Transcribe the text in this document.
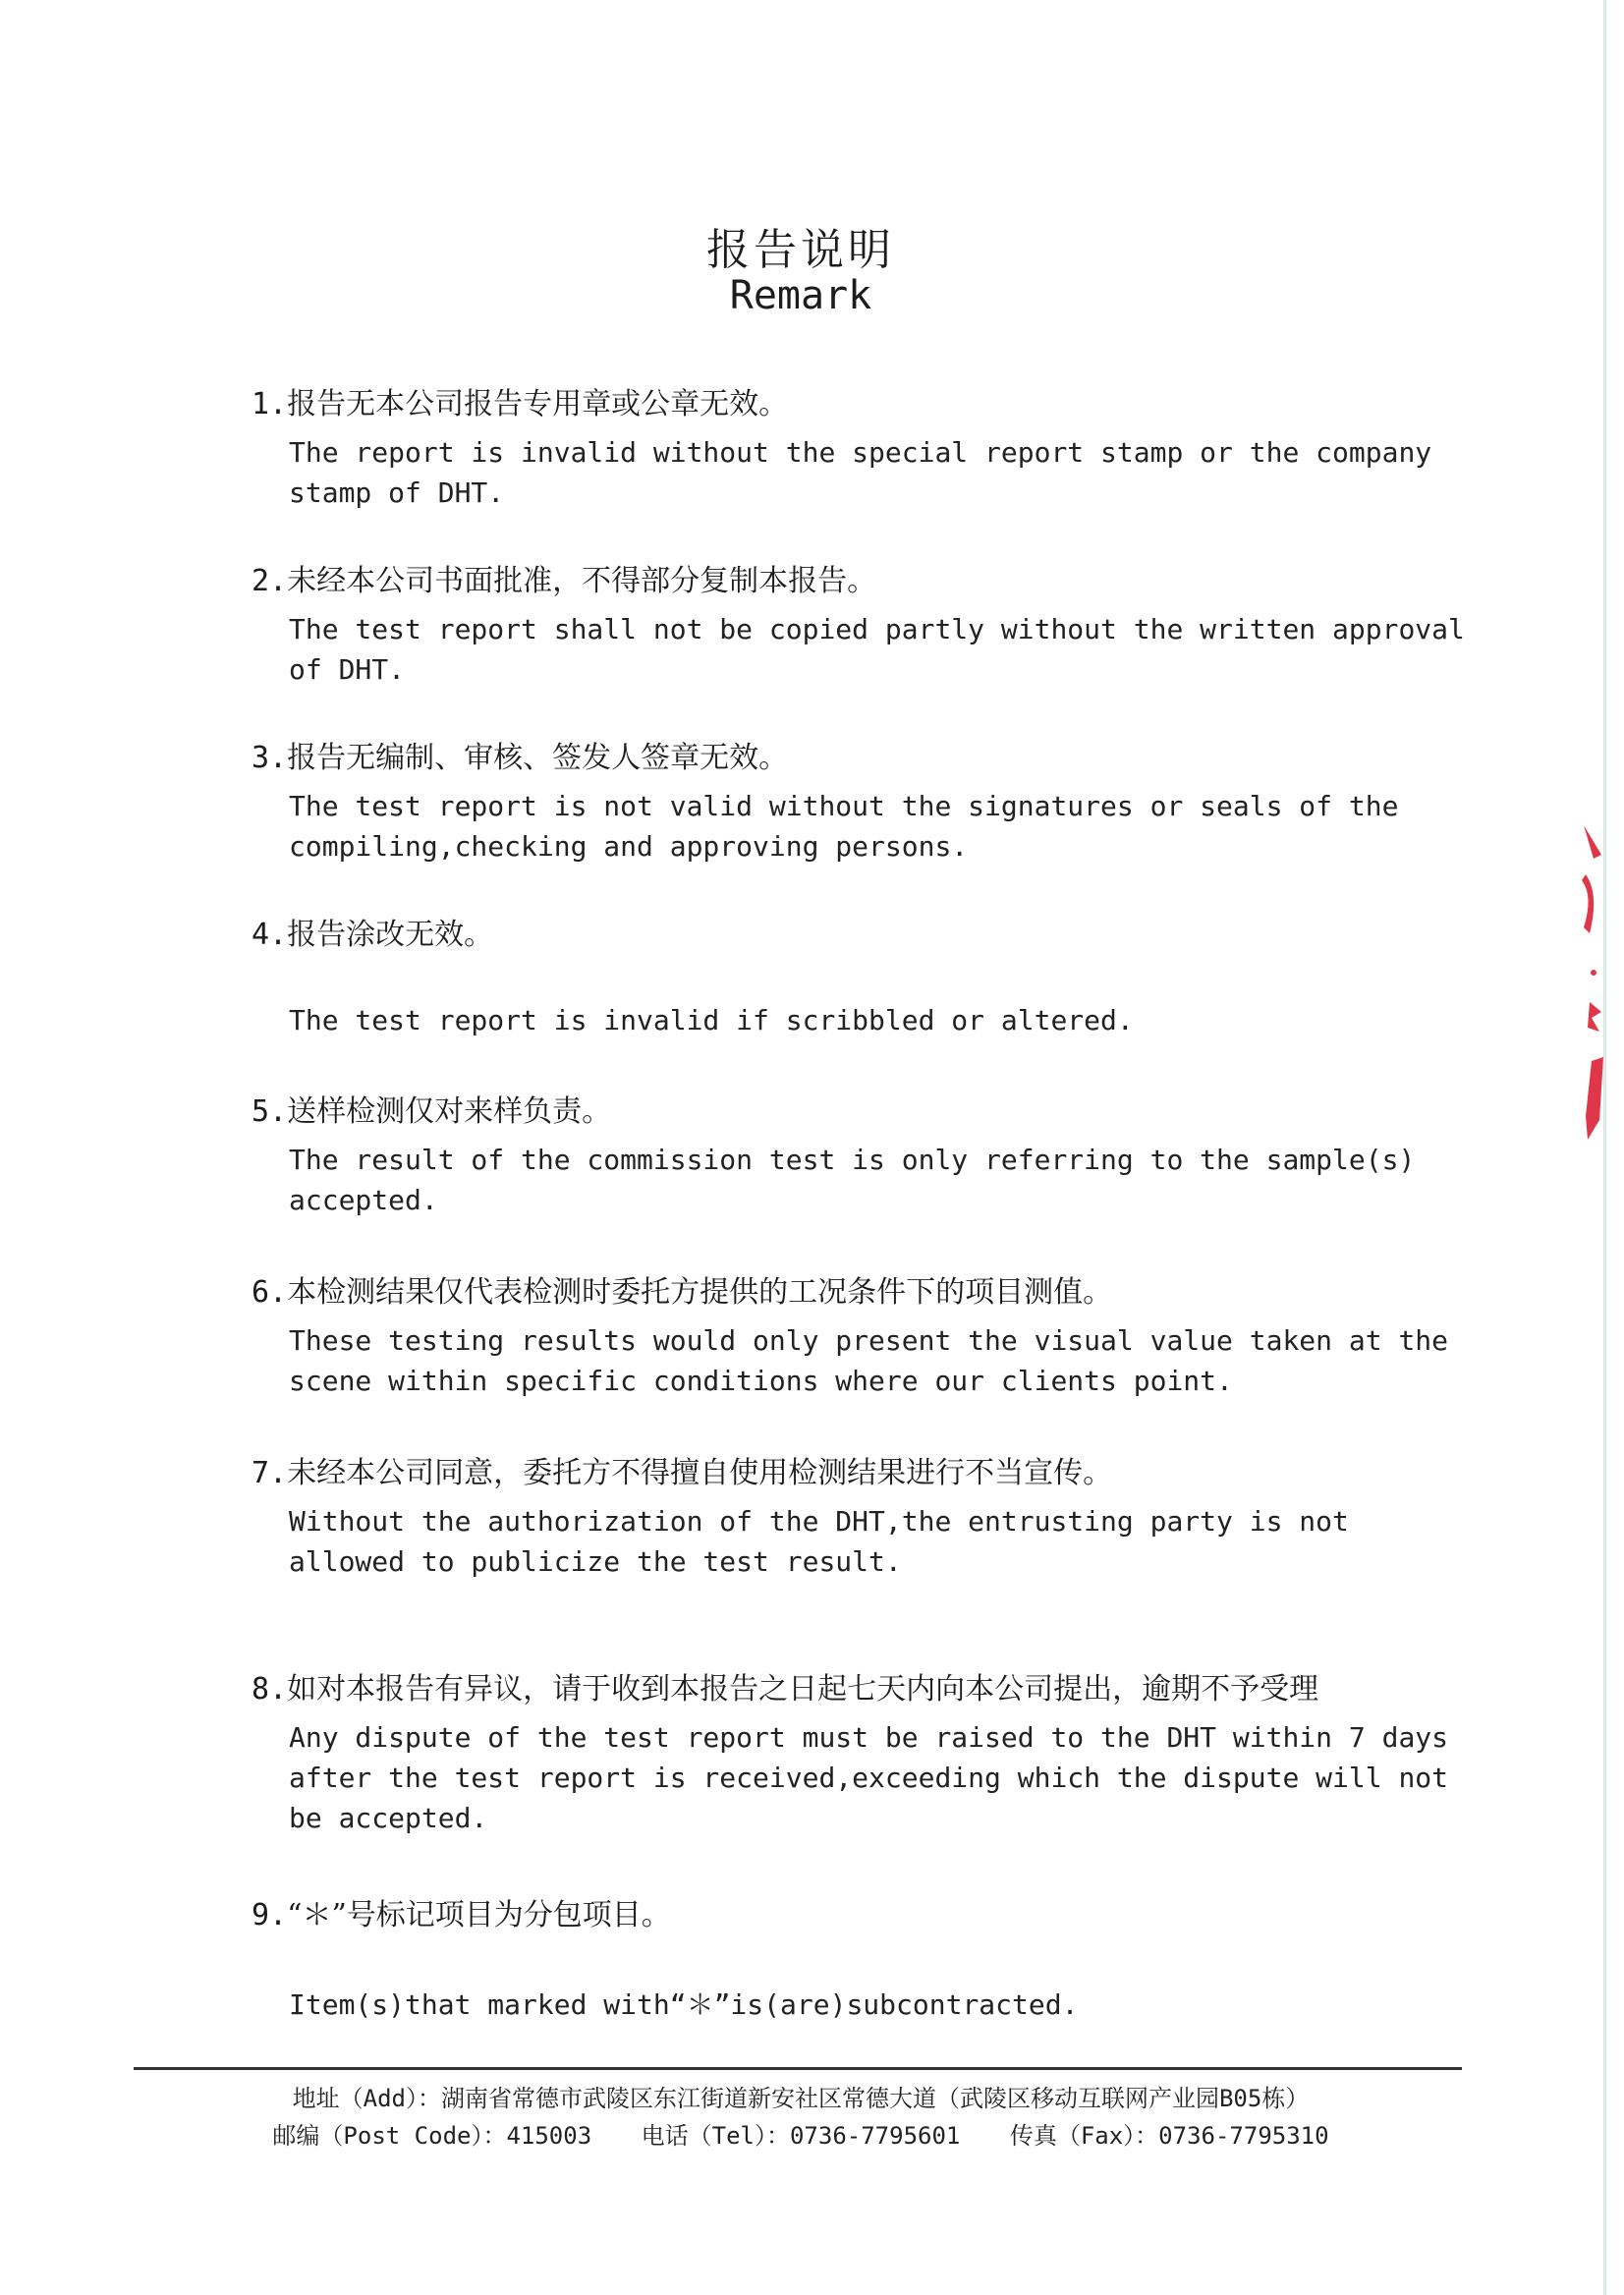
报告说明
Remark
1.报告无本公司报告专用章或公章无效。
The report is invalid without the special report stamp or the company stamp of DHT.
2.未经本公司书面批准，不得部分复制本报告。
The test report shall not be copied partly without the written approval of DHT.
3.报告无编制、审核、签发人签章无效。
The test report is not valid without the signatures or seals of the compiling,checking and approving persons.
4.报告涂改无效。
The test report is invalid if scribbled or altered.
5.送样检测仅对来样负责。
The result of the commission test is only referring to the sample(s) accepted.
6.本检测结果仅代表检测时委托方提供的工况条件下的项目测值。
These testing results would only present the visual value taken at the scene within specific conditions where our clients point.
7.未经本公司同意，委托方不得擅自使用检测结果进行不当宣传。
Without the authorization of the DHT,the entrusting party is not allowed to publicize the test result.
8.如对本报告有异议，请于收到本报告之日起七天内向本公司提出，逾期不予受理
Any dispute of the test report must be raised to the DHT within 7 days after the test report is received,exceeding which the dispute will not be accepted.
9.“＊”号标记项目为分包项目。
Item(s)that marked with“＊”is(are)subcontracted.
地址（Add）：湖南省常德市武陵区东江街道新安社区常德大道（武陵区移动互联网产业园B05栋）
邮编（Post Code）：415003 电话（Tel）：0736-7795601 传真（Fax）：0736-7795310
